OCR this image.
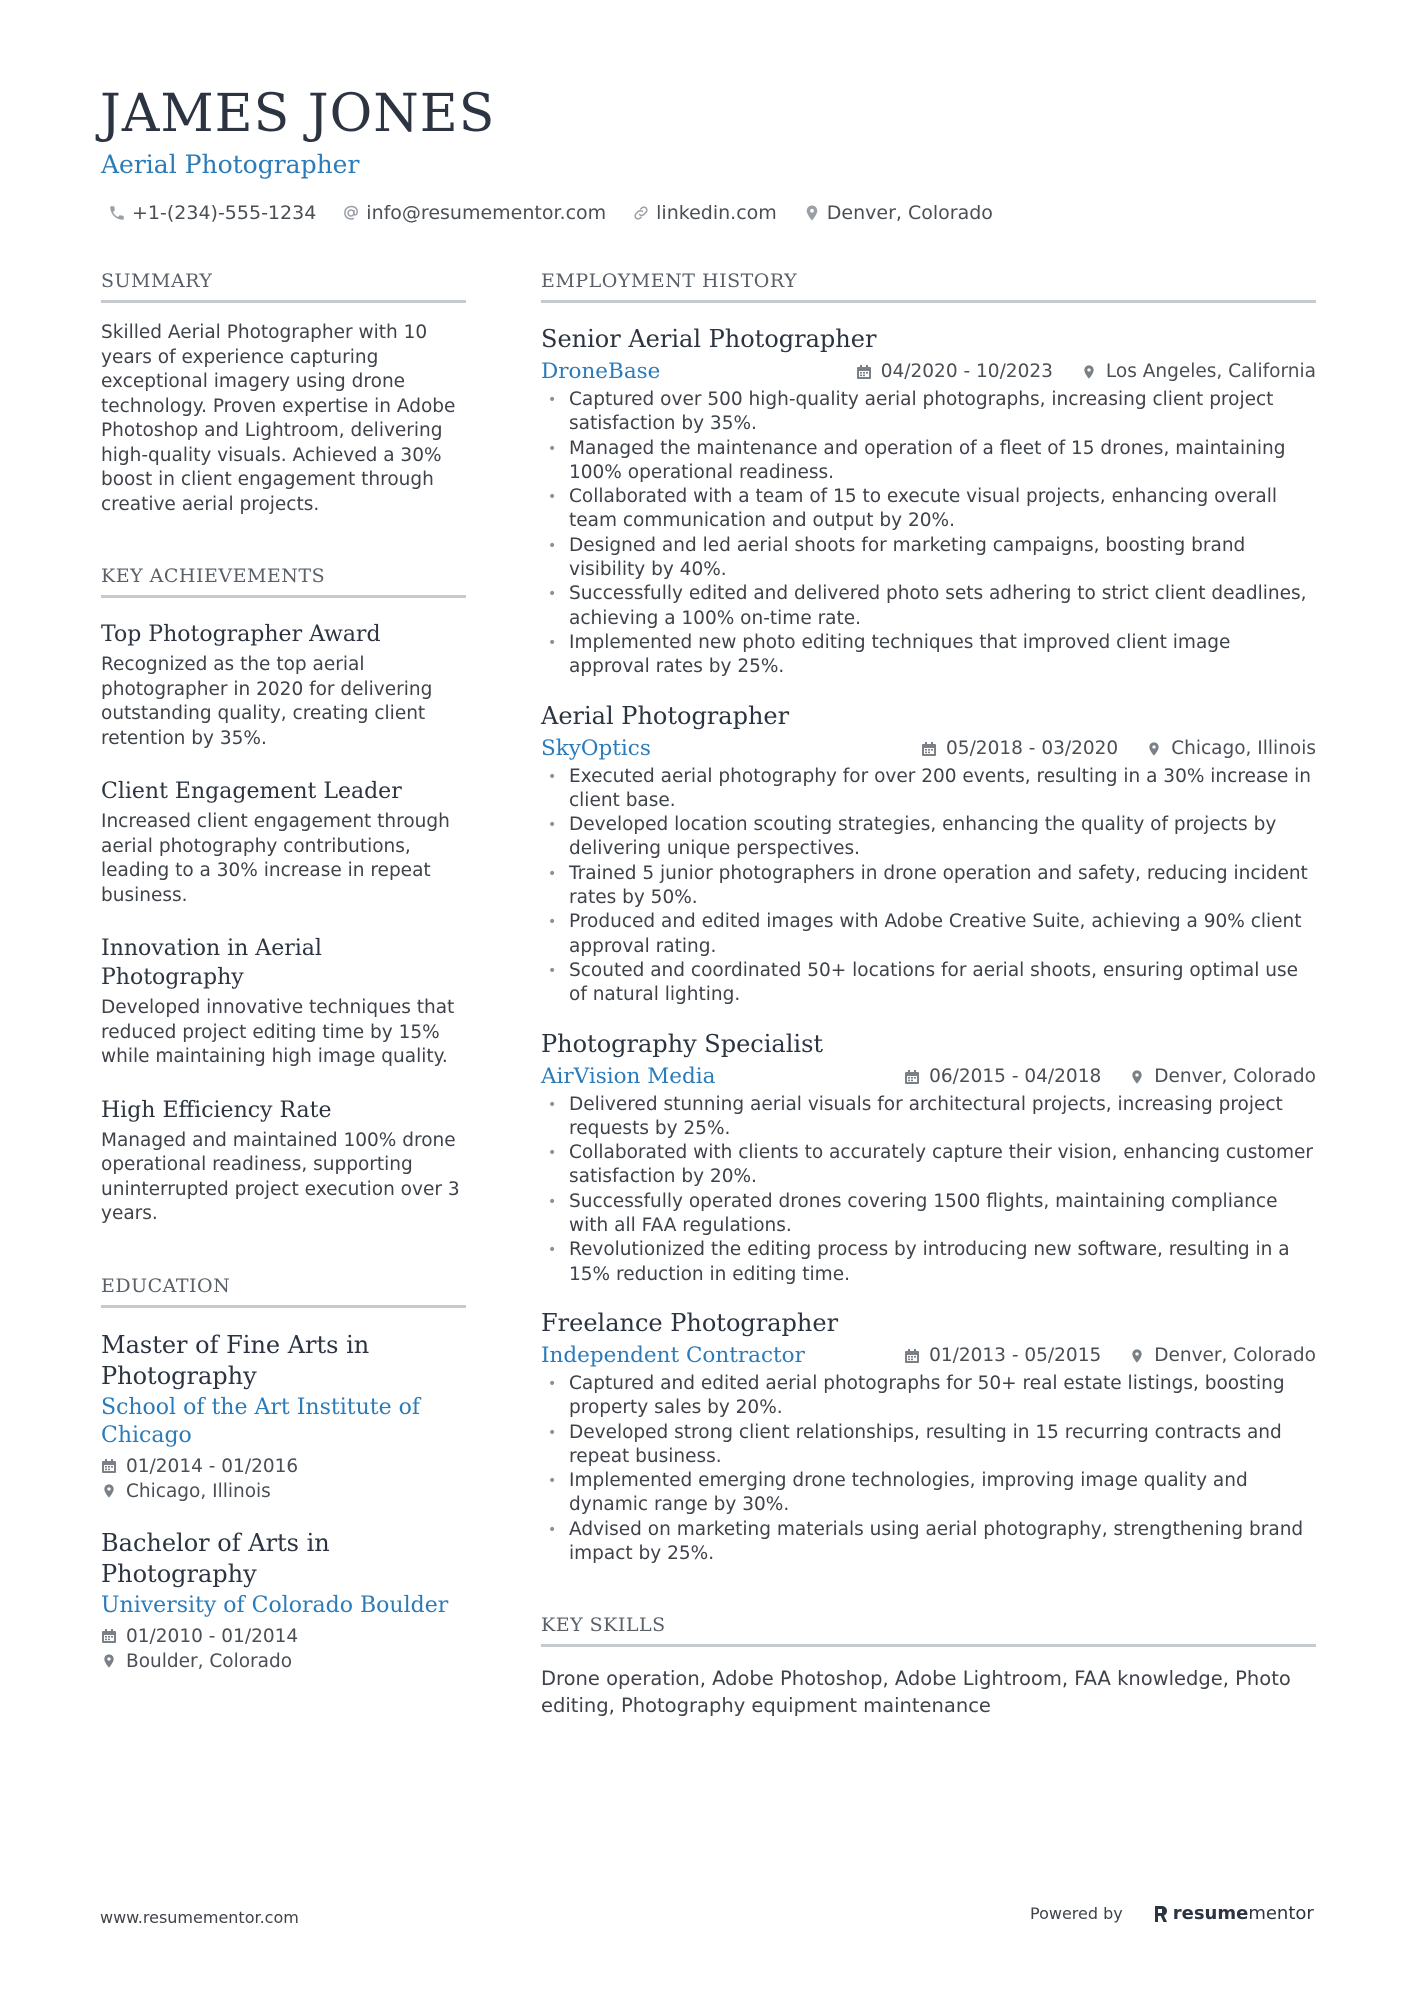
JAMES JONES
Aerial Photographer
+1-(234)-555-1234	info@resumementor.com	linkedin.com	Denver, Colorado
SUMMARY
Skilled Aerial Photographer with 10 years of experience capturing exceptional imagery using drone technology. Proven expertise in Adobe Photoshop and Lightroom, delivering high-quality visuals. Achieved a 30% boost in client engagement through creative aerial projects.
KEY ACHIEVEMENTS
Top Photographer Award
Recognized as the top aerial photographer in 2020 for delivering outstanding quality, creating client retention by 35%.
Client Engagement Leader
Increased client engagement through aerial photography contributions, leading to a 30% increase in repeat business.
Innovation in Aerial Photography
Developed innovative techniques that reduced project editing time by 15% while maintaining high image quality.
High Efficiency Rate
Managed and maintained 100% drone operational readiness, supporting uninterrupted project execution over 3 years.
EDUCATION
Master of Fine Arts in Photography
School of the Art Institute of Chicago
01/2014 - 01/2016
Chicago, Illinois
Bachelor of Arts in Photography
University of Colorado Boulder
01/2010 - 01/2014
Boulder, Colorado
EMPLOYMENT HISTORY
Senior Aerial Photographer
DroneBase	04/2020 - 10/2023	Los Angeles, California
• Captured over 500 high-quality aerial photographs, increasing client project satisfaction by 35%.
• Managed the maintenance and operation of a fleet of 15 drones, maintaining 100% operational readiness.
• Collaborated with a team of 15 to execute visual projects, enhancing overall team communication and output by 20%.
• Designed and led aerial shoots for marketing campaigns, boosting brand visibility by 40%.
• Successfully edited and delivered photo sets adhering to strict client deadlines, achieving a 100% on-time rate.
• Implemented new photo editing techniques that improved client image approval rates by 25%.
Aerial Photographer
SkyOptics	05/2018 - 03/2020	Chicago, Illinois
• Executed aerial photography for over 200 events, resulting in a 30% increase in client base.
• Developed location scouting strategies, enhancing the quality of projects by delivering unique perspectives.
• Trained 5 junior photographers in drone operation and safety, reducing incident rates by 50%.
• Produced and edited images with Adobe Creative Suite, achieving a 90% client approval rating.
• Scouted and coordinated 50+ locations for aerial shoots, ensuring optimal use of natural lighting.
Photography Specialist
AirVision Media	06/2015 - 04/2018	Denver, Colorado
• Delivered stunning aerial visuals for architectural projects, increasing project requests by 25%.
• Collaborated with clients to accurately capture their vision, enhancing customer satisfaction by 20%.
• Successfully operated drones covering 1500 flights, maintaining compliance with all FAA regulations.
• Revolutionized the editing process by introducing new software, resulting in a 15% reduction in editing time.
Freelance Photographer
Independent Contractor	01/2013 - 05/2015	Denver, Colorado
• Captured and edited aerial photographs for 50+ real estate listings, boosting property sales by 20%.
• Developed strong client relationships, resulting in 15 recurring contracts and repeat business.
• Implemented emerging drone technologies, improving image quality and dynamic range by 30%.
• Advised on marketing materials using aerial photography, strengthening brand impact by 25%.
KEY SKILLS
Drone operation, Adobe Photoshop, Adobe Lightroom, FAA knowledge, Photo editing, Photography equipment maintenance
www.resumementor.com	Powered by	resume mentor
